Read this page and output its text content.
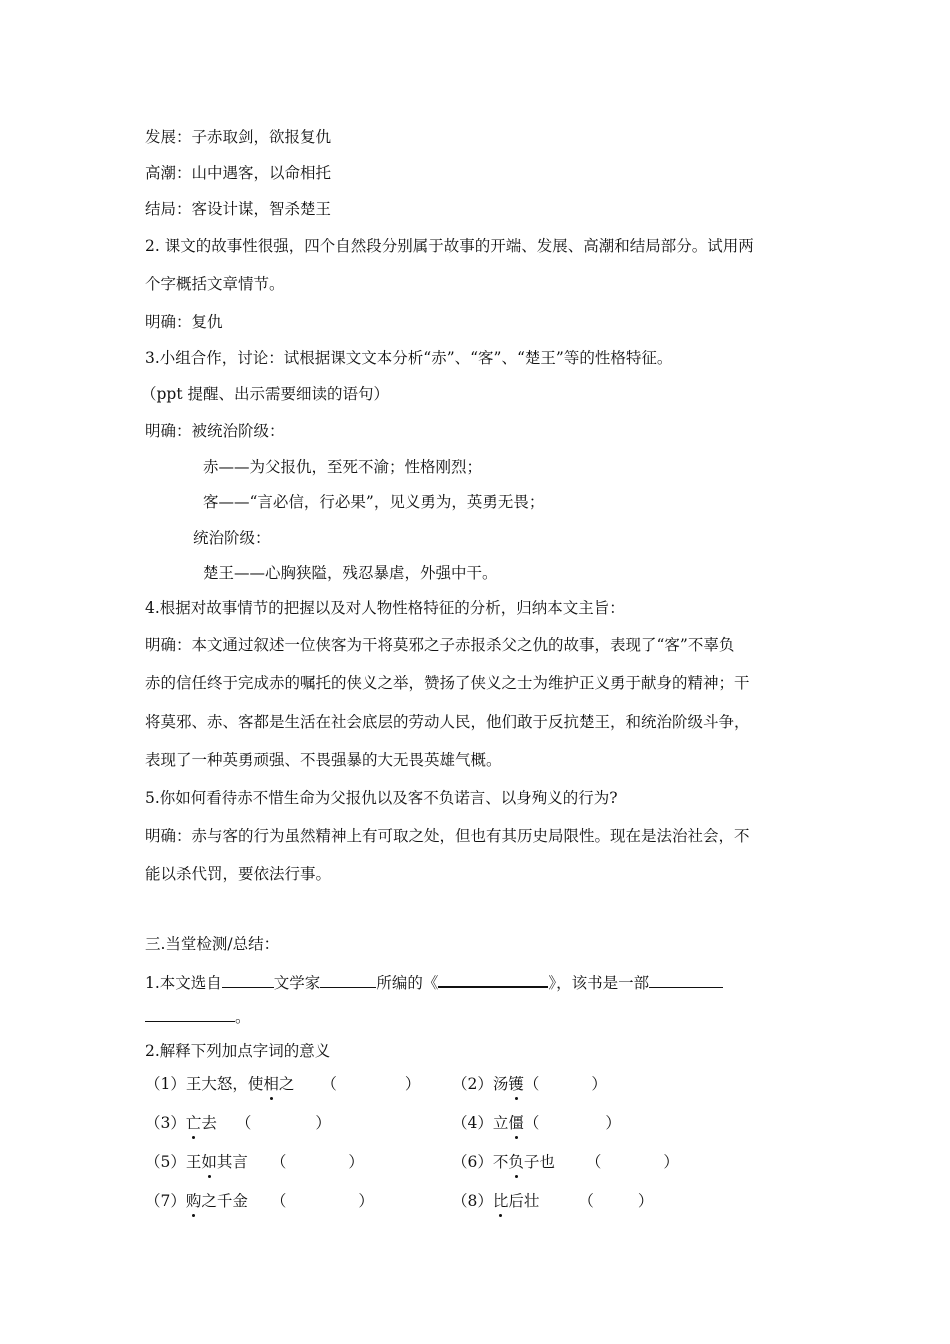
发展：子赤取剑，欲报复仇
高潮：山中遇客，以命相托
结局：客设计谋，智杀楚王
2. 课文的故事性很强，四个自然段分别属于故事的开端、发展、高潮和结局部分。试用两
个字概括文章情节。
明确：复仇
3.小组合作，讨论：试根据课文文本分析“赤”、“客”、“楚王”等的性格特征。
（ppt 提醒、出示需要细读的语句）
明确：被统治阶级：
赤——为父报仇，至死不渝；性格刚烈；
客——“言必信，行必果”，见义勇为，英勇无畏；
统治阶级：
楚王——心胸狭隘，残忍暴虐，外强中干。
4.根据对故事情节的把握以及对人物性格特征的分析，归纳本文主旨：
明确：本文通过叙述一位侠客为干将莫邪之子赤报杀父之仇的故事，表现了“客”不辜负
赤的信任终于完成赤的嘱托的侠义之举，赞扬了侠义之士为维护正义勇于献身的精神；干
将莫邪、赤、客都是生活在社会底层的劳动人民，他们敢于反抗楚王，和统治阶级斗争，
表现了一种英勇顽强、不畏强暴的大无畏英雄气概。
5.你如何看待赤不惜生命为父报仇以及客不负诺言、以身殉义的行为?
明确：赤与客的行为虽然精神上有可取之处，但也有其历史局限性。现在是法治社会，不
能以杀代罚，要依法行事。
三.当堂检测/总结：
1.本文选自	文学家	所编的《	》，该书是一部
。
2.解释下列加点字词的意义
（1）王大怒，使相之 （	） （2）汤镬（	）
（3）亡去 （	）	（4）立僵（	）
（5）王如其言 （	）	（6）不负子也 （	）
（7）购之千金 （	）	（8）比后壮	（	）
